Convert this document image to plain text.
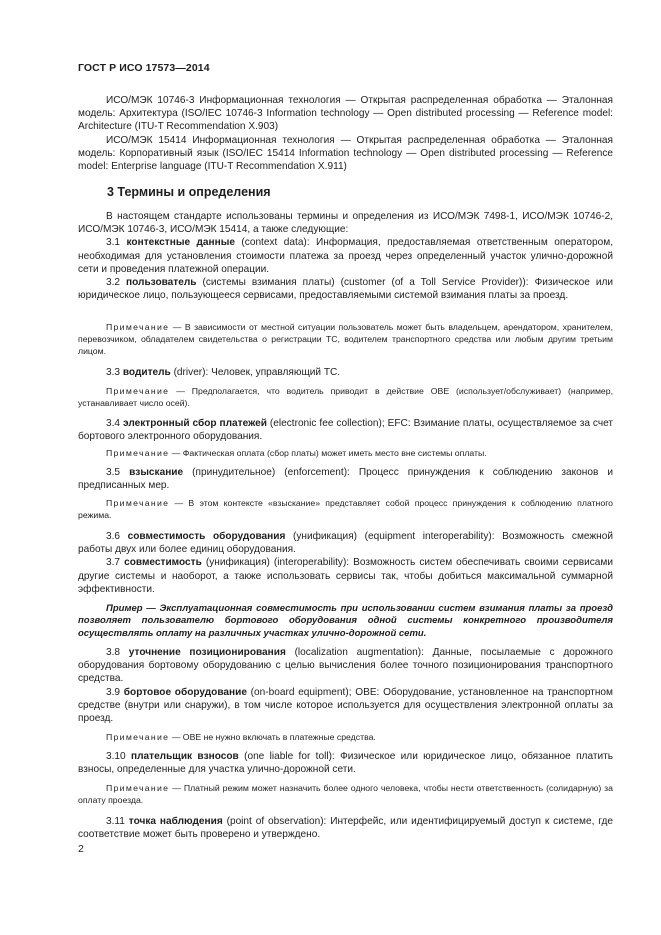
ГОСТ Р ИСО 17573—2014

ИСО/МЭК 10746-3 Информационная технология — Открытая распределенная обработка — Эталонная модель: Архитектура (ISO/IEC 10746-3 Information technology — Open distributed processing — Reference model: Architecture (ITU-T Recommendation X.903)

ИСО/МЭК 15414 Информационная технология — Открытая распределенная обработка — Эталонная модель: Корпоративный язык (ISO/IEC 15414 Information technology — Open distributed processing — Reference model: Enterprise language (ITU-T Recommendation X.911)

3 Термины и определения

В настоящем стандарте использованы термины и определения из ИСО/МЭК 7498-1, ИСО/МЭК 10746-2, ИСО/МЭК 10746-3, ИСО/МЭК 15414, а также следующие:

3.1 контекстные данные (context data): Информация, предоставляемая ответственным оператором, необходимая для установления стоимости платежа за проезд через определенный участок улично-дорожной сети и проведения платежной операции.

3.2 пользователь (системы взимания платы) (customer (of a Toll Service Provider)): Физическое или юридическое лицо, пользующееся сервисами, предоставляемыми системой взимания платы за проезд.

Примечание — В зависимости от местной ситуации пользователь может быть владельцем, арендатором, хранителем, перевозчиком, обладателем свидетельства о регистрации ТС, водителем транспортного средства или любым другим третьим лицом.

3.3 водитель (driver): Человек, управляющий ТС.

Примечание — Предполагается, что водитель приводит в действие OBE (использует/обслуживает) (например, устанавливает число осей).

3.4 электронный сбор платежей (electronic fee collection); EFC: Взимание платы, осуществляемое за счет бортового электронного оборудования.

Примечание — Фактическая оплата (сбор платы) может иметь место вне системы оплаты.

3.5 взыскание (принудительное) (enforcement): Процесс принуждения к соблюдению законов и предписанных мер.

Примечание — В этом контексте «взыскание» представляет собой процесс принуждения к соблюдению платного режима.

3.6 совместимость оборудования (унификация) (equipment interoperability): Возможность смежной работы двух или более единиц оборудования.

3.7 совместимость (унификация) (interoperability): Возможность систем обеспечивать своими сервисами другие системы и наоборот, а также использовать сервисы так, чтобы добиться максимальной суммарной эффективности.

Пример — Эксплуатационная совместимость при использовании систем взимания платы за проезд позволяет пользователю бортового оборудования одной системы конкретного производителя осуществлять оплату на различных участках улично-дорожной сети.

3.8 уточнение позиционирования (localization augmentation): Данные, посылаемые с дорожного оборудования бортовому оборудованию с целью вычисления более точного позиционирования транспортного средства.

3.9 бортовое оборудование (on-board equipment); OBE: Оборудование, установленное на транспортном средстве (внутри или снаружи), в том числе которое используется для осуществления электронной оплаты за проезд.

Примечание — OBE не нужно включать в платежные средства.

3.10 плательщик взносов (one liable for toll): Физическое или юридическое лицо, обязанное платить взносы, определенные для участка улично-дорожной сети.

Примечание — Платный режим может назначить более одного человека, чтобы нести ответственность (солидарную) за оплату проезда.

3.11 точка наблюдения (point of observation): Интерфейс, или идентифицируемый доступ к системе, где соответствие может быть проверено и утверждено.

2
